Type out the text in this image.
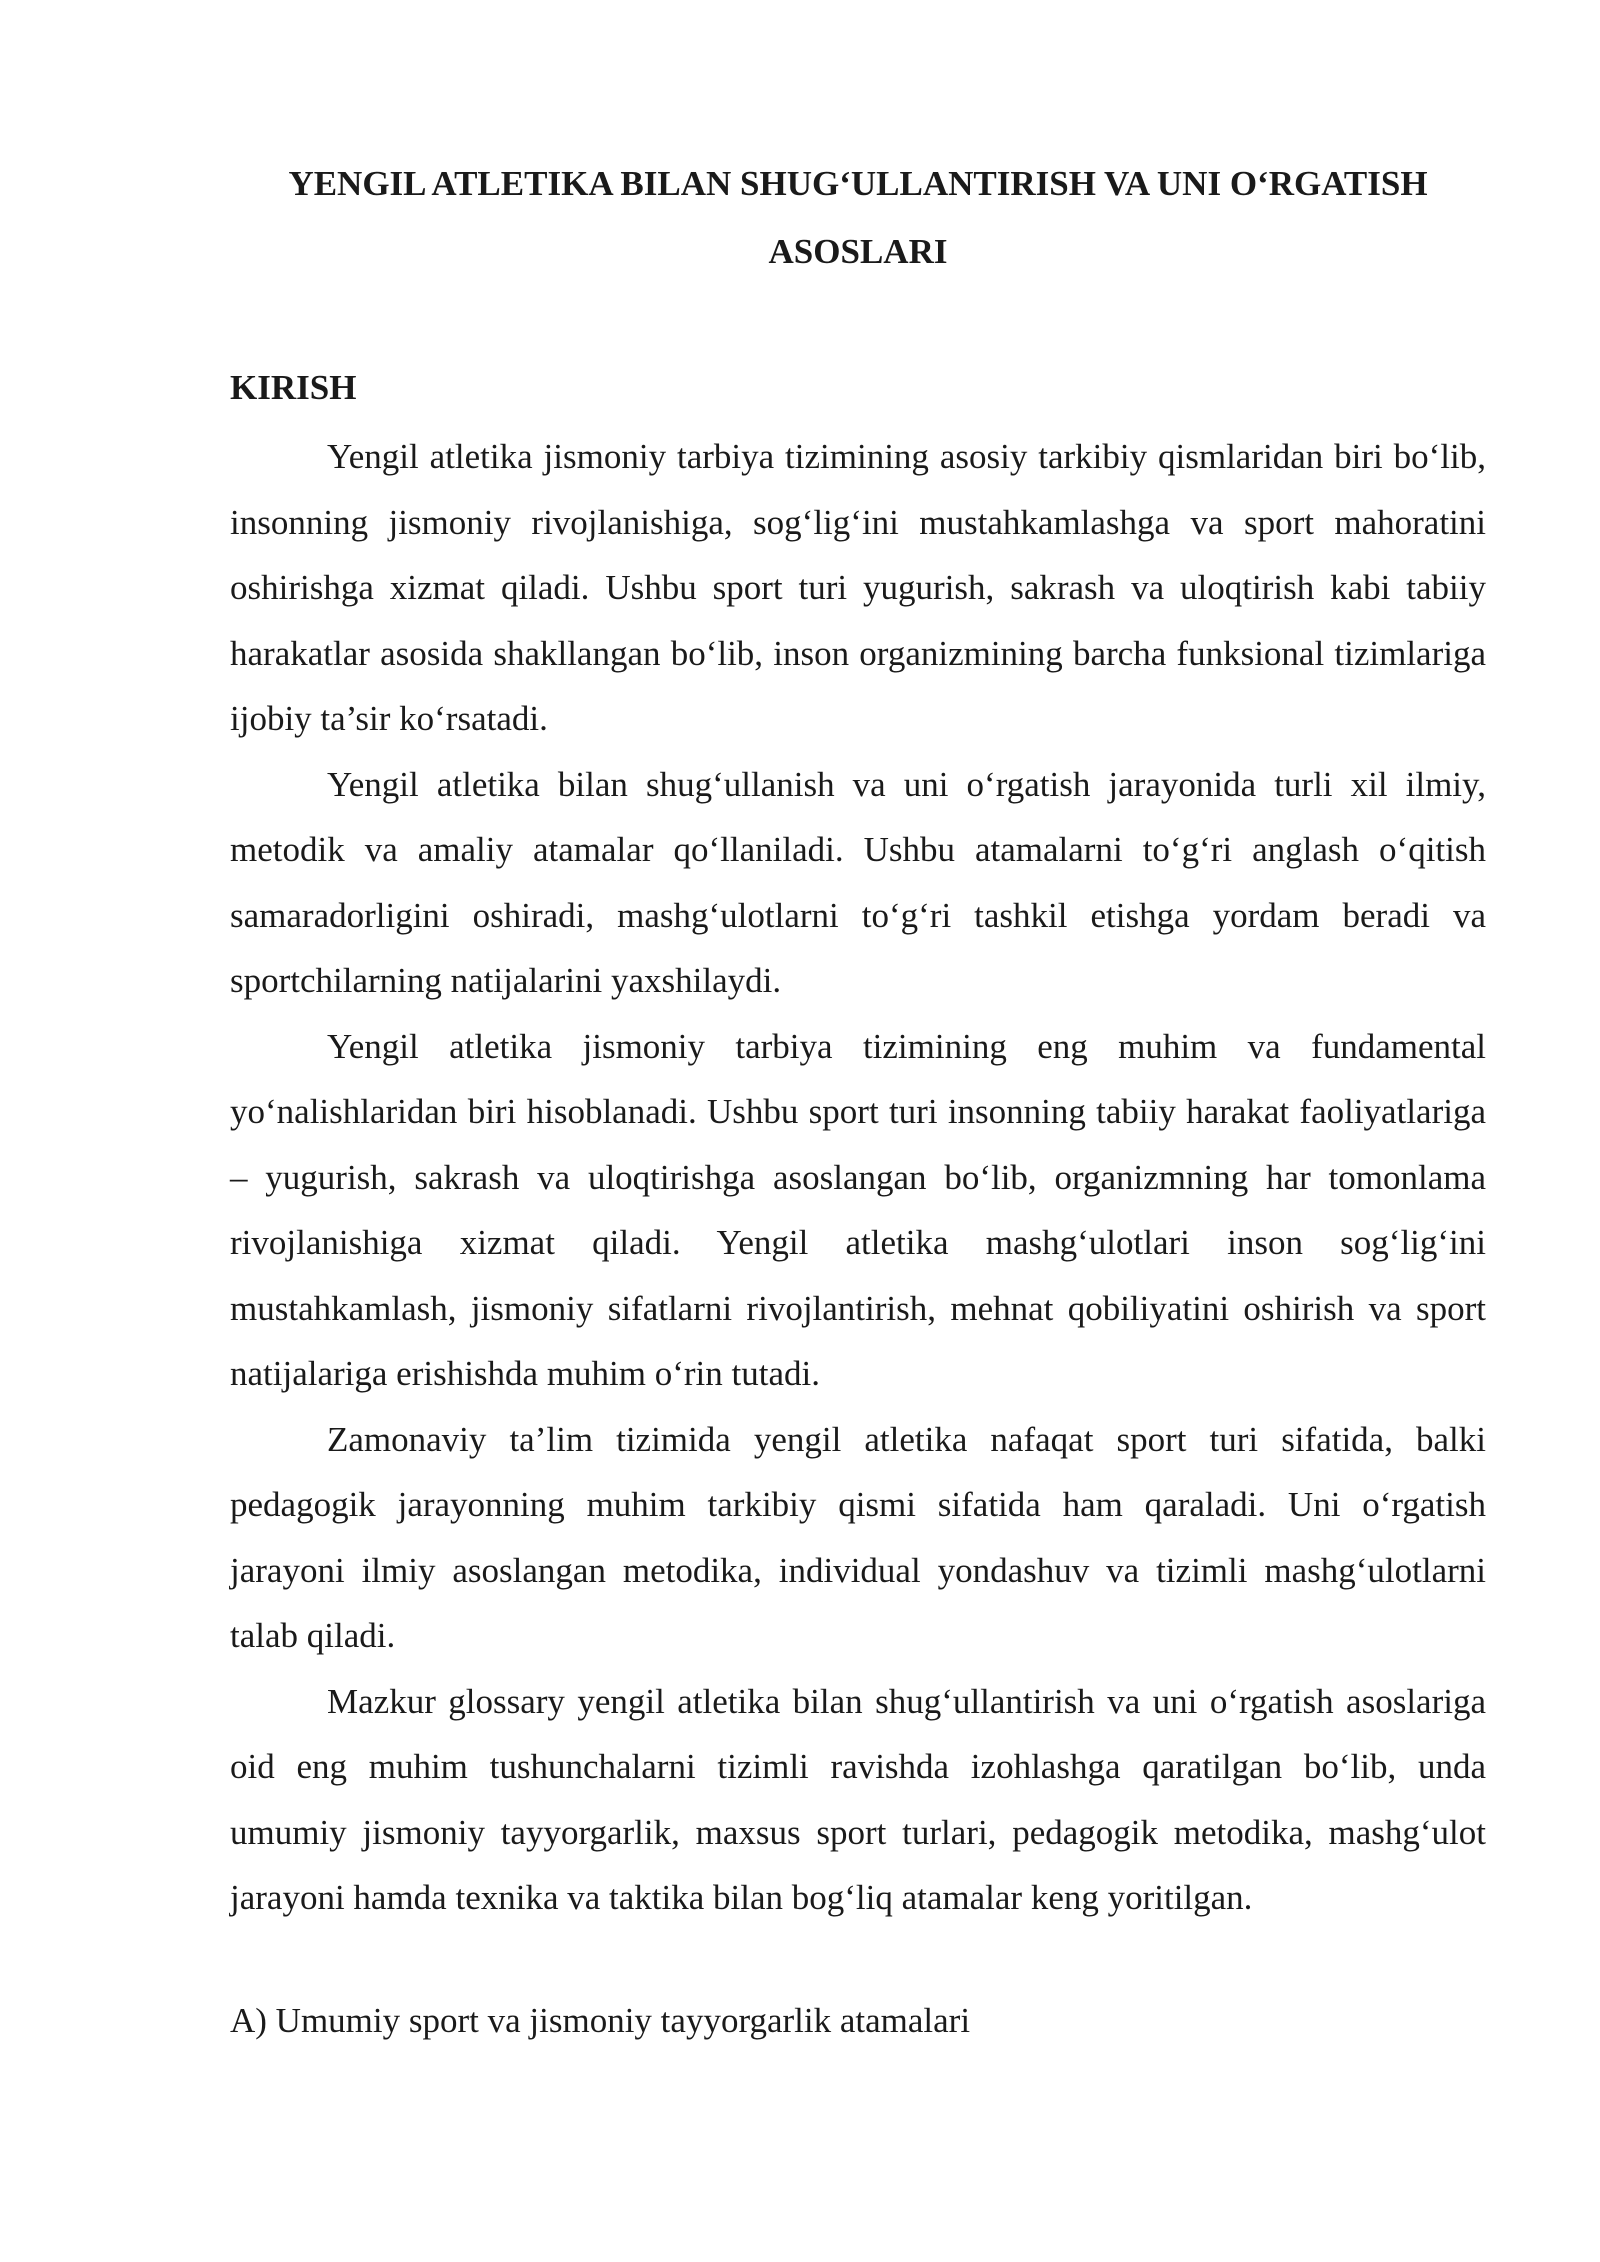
YENGIL ATLETIKA BILAN SHUG‘ULLANTIRISH VA UNI O‘RGATISH ASOSLARI
KIRISH

Yengil atletika jismoniy tarbiya tizimining asosiy tarkibiy qismlaridan biri bo‘lib, insonning jismoniy rivojlanishiga, sog‘lig‘ini mustahkamlashga va sport mahoratini oshirishga xizmat qiladi. Ushbu sport turi yugurish, sakrash va uloqtirish kabi tabiiy harakatlar asosida shakllangan bo‘lib, inson organizmining barcha funksional tizimlariga ijobiy ta’sir ko‘rsatadi.

Yengil atletika bilan shug‘ullanish va uni o‘rgatish jarayonida turli xil ilmiy, metodik va amaliy atamalar qo‘llaniladi. Ushbu atamalarni to‘g‘ri anglash o‘qitish samaradorligini oshiradi, mashg‘ulotlarni to‘g‘ri tashkil etishga yordam beradi va sportchilarning natijalarini yaxshilaydi.

Yengil atletika jismoniy tarbiya tizimining eng muhim va fundamental yo‘nalishlaridan biri hisoblanadi. Ushbu sport turi insonning tabiiy harakat faoliyatlariga – yugurish, sakrash va uloqtirishga asoslangan bo‘lib, organizmning har tomonlama rivojlanishiga xizmat qiladi. Yengil atletika mashg‘ulotlari inson sog‘lig‘ini mustahkamlash, jismoniy sifatlarni rivojlantirish, mehnat qobiliyatini oshirish va sport natijalariga erishishda muhim o‘rin tutadi.

Zamonaviy ta’lim tizimida yengil atletika nafaqat sport turi sifatida, balki pedagogik jarayonning muhim tarkibiy qismi sifatida ham qaraladi. Uni o‘rgatish jarayoni ilmiy asoslangan metodika, individual yondashuv va tizimli mashg‘ulotlarni talab qiladi.

Mazkur glossary yengil atletika bilan shug‘ullantirish va uni o‘rgatish asoslariga oid eng muhim tushunchalarni tizimli ravishda izohlashga qaratilgan bo‘lib, unda umumiy jismoniy tayyorgarlik, maxsus sport turlari, pedagogik metodika, mashg‘ulot jarayoni hamda texnika va taktika bilan bog‘liq atamalar keng yoritilgan.

A) Umumiy sport va jismoniy tayyorgarlik atamalari
